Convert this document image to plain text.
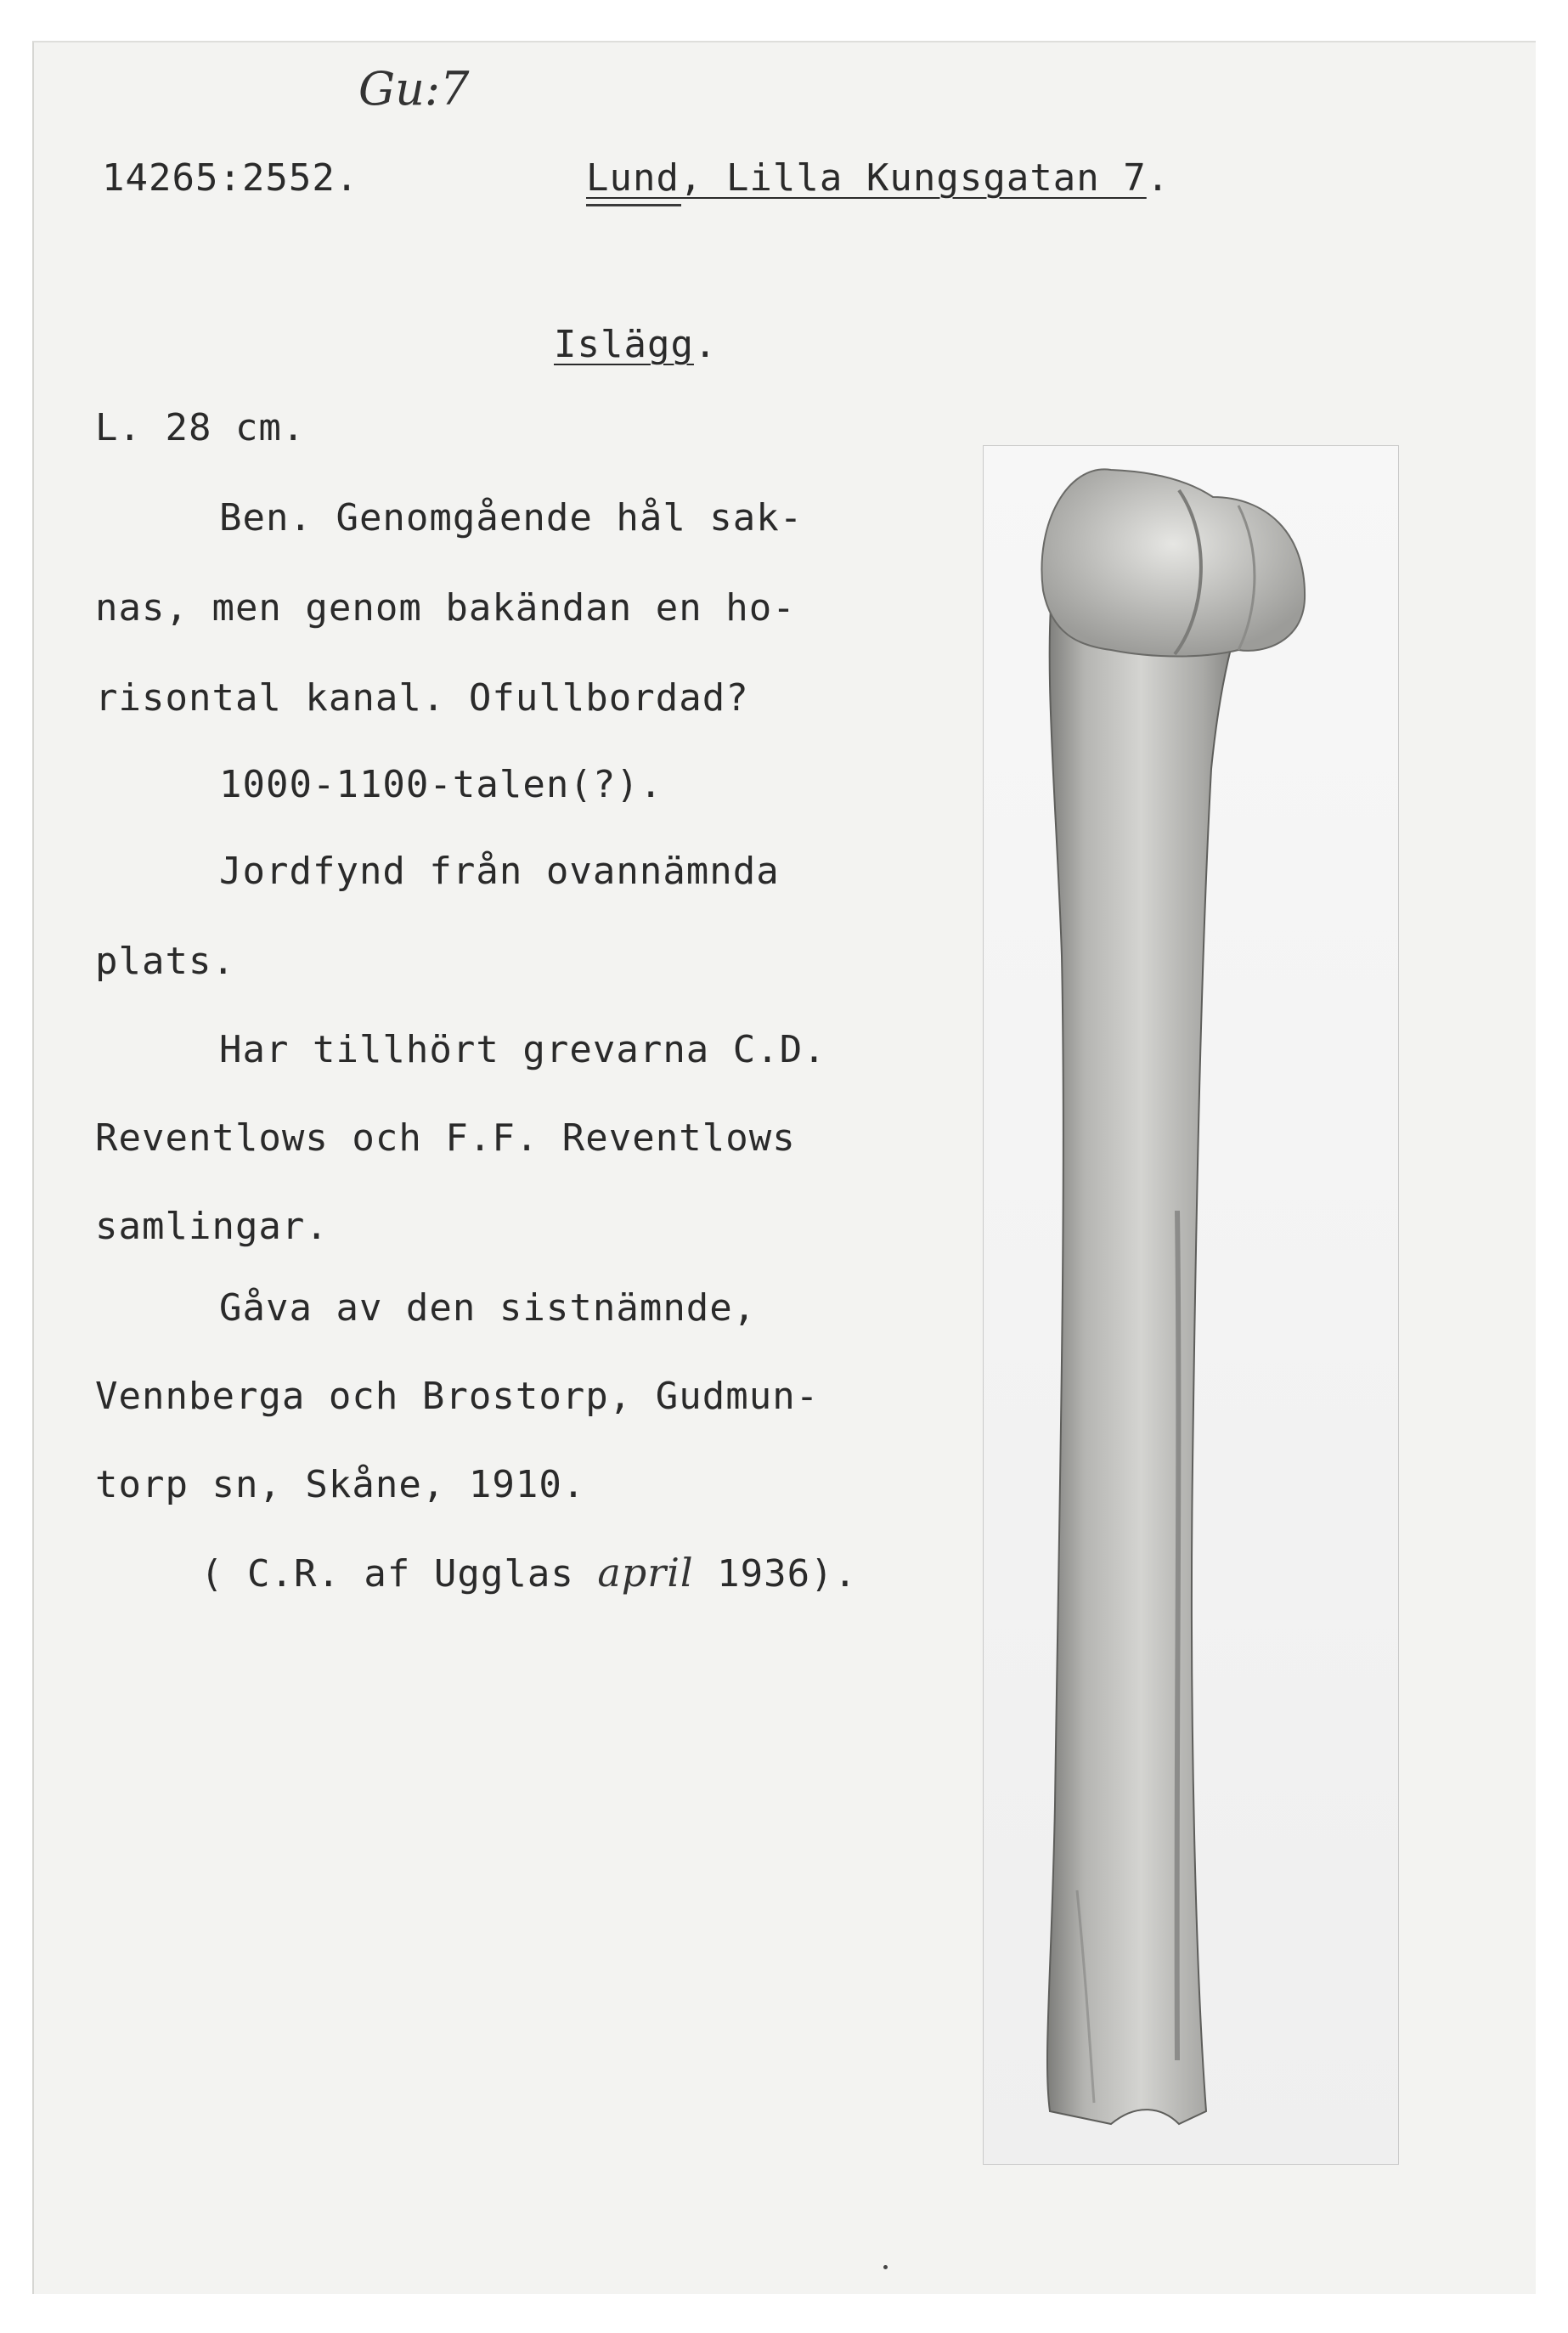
Gu:7
14265:2552.	Lund, Lilla Kungsgatan 7.
Islägg.
L. 28 cm.
Ben. Genomgående hål sak-
nas, men genom bakändan en ho-
risontal kanal. Ofullbordad?
1000-1100-talen(?).
Jordfynd från ovannämnda
plats.
Har tillhört grevarna C.D.
Reventlows och F.F. Reventlows
samlingar.
Gåva av den sistnämnde,
Vennberga och Brostorp, Gudmun-
torp sn, Skåne, 1910.
( C.R. af Ugglas april 1936).
